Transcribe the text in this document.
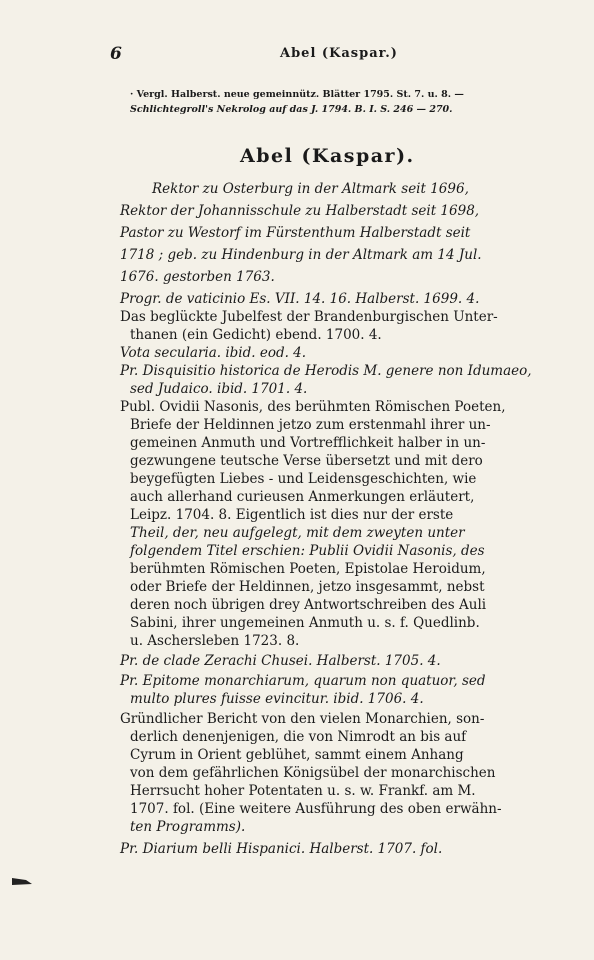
6	Abel (Kaspar.)
· Vergl. Halberst. neue gemeinnütz. Blätter 1795. St. 7. u. 8. —
Schlichtegroll's Nekrolog auf das J. 1794. B. I. S. 246 — 270.
Abel (Kaspar).
Rektor zu Osterburg in der Altmark seit 1696,
Rektor der Johannisschule zu Halberstadt seit 1698,
Pastor zu Westorf im Fürstenthum Halberstadt seit
1718 ; geb. zu Hindenburg in der Altmark am 14 Jul.
1676. gestorben 1763.
Progr. de vaticinio Es. VII. 14. 16. Halberst. 1699. 4.
Das beglückte Jubelfest der Brandenburgischen Unter-
thanen (ein Gedicht) ebend. 1700. 4.
Vota secularia. ibid. eod. 4.
Pr. Disquisitio historica de Herodis M. genere non Idumaeo,
sed Judaico. ibid. 1701. 4.
Publ. Ovidii Nasonis, des berühmten Römischen Poeten,
Briefe der Heldinnen jetzo zum erstenmahl ihrer un-
gemeinen Anmuth und Vortrefflichkeit halber in un-
gezwungene teutsche Verse übersetzt und mit dero
beygefügten Liebes - und Leidensgeschichten, wie
auch allerhand curieusen Anmerkungen erläutert,
Leipz. 1704. 8. Eigentlich ist dies nur der erste
Theil, der, neu aufgelegt, mit dem zweyten unter
folgendem Titel erschien: Publii Ovidii Nasonis, des
berühmten Römischen Poeten, Epistolae Heroidum,
oder Briefe der Heldinnen, jetzo insgesammt, nebst
deren noch übrigen drey Antwortschreiben des Auli
Sabini, ihrer ungemeinen Anmuth u. s. f. Quedlinb.
u. Aschersleben 1723. 8.
Pr. de clade Zerachi Chusei. Halberst. 1705. 4.
Pr. Epitome monarchiarum, quarum non quatuor, sed
multo plures fuisse evincitur. ibid. 1706. 4.
Gründlicher Bericht von den vielen Monarchien, son-
derlich denenjenigen, die von Nimrodt an bis auf
Cyrum in Orient geblühet, sammt einem Anhang
von dem gefährlichen Königsübel der monarchischen
Herrsucht hoher Potentaten u. s. w. Frankf. am M.
1707. fol. (Eine weitere Ausführung des oben erwähn-
ten Programms).
Pr. Diarium belli Hispanici. Halberst. 1707. fol.
